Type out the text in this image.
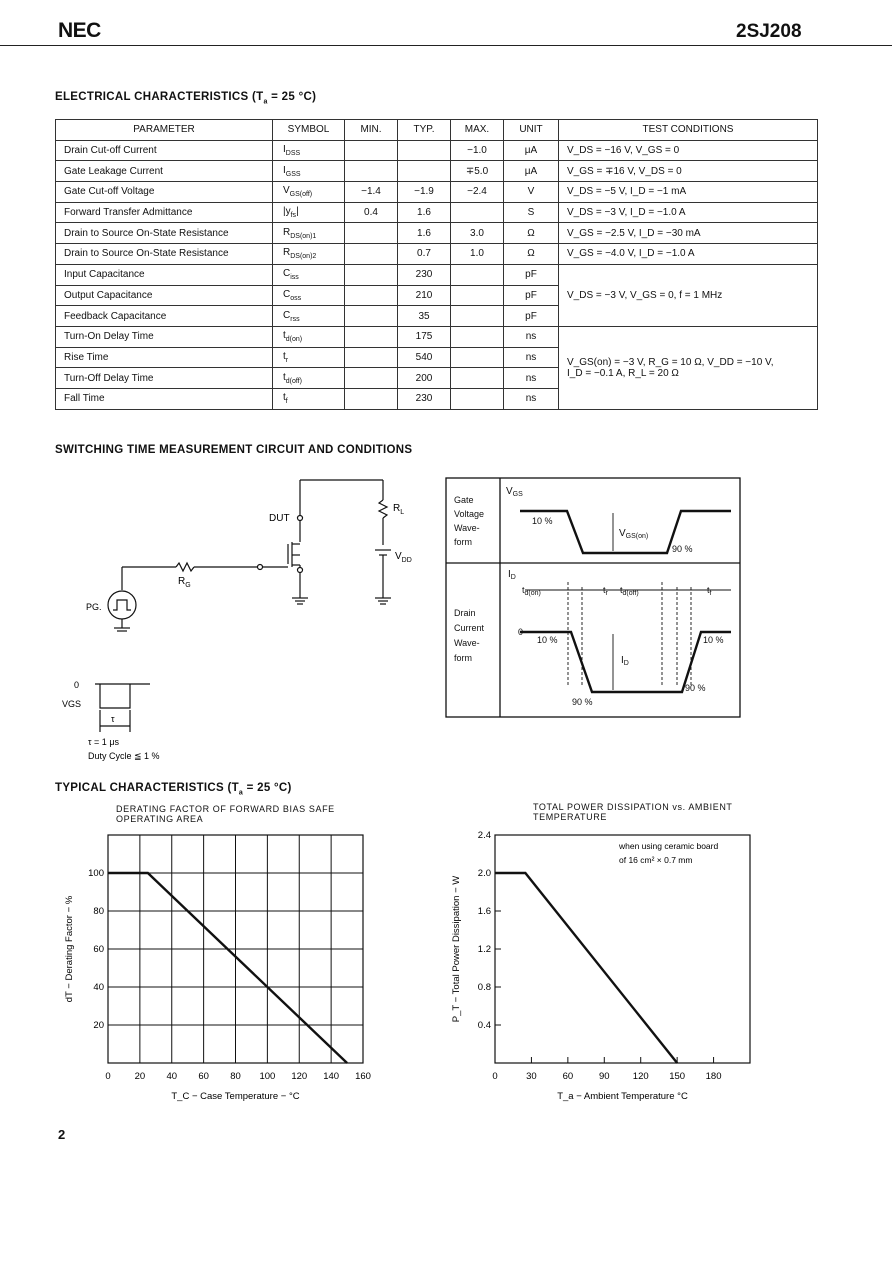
NEC	2SJ208
ELECTRICAL CHARACTERISTICS ($T_a = 25$ °C)
PARAMETER	SYMBOL	MIN.	TYP.	MAX.	UNIT	TEST CONDITIONS
Drain Cut-off Current	$I_{DSS}$			−1.0	μA	V_DS = −16 V, V_GS = 0
Gate Leakage Current	$I_{GSS}$			∓5.0	μA	V_GS = ∓16 V, V_DS = 0
Gate Cut-off Voltage	$V_{GS(off)}$	−1.4	−1.9	−2.4	V	V_DS = −5 V, I_D = −1 mA
Forward Transfer Admittance	$|y_{fs}|$	0.4	1.6		S	V_DS = −3 V, I_D = −1.0 A
Drain to Source On-State Resistance	$R_{DS(on)1}$		1.6	3.0	Ω	V_GS = −2.5 V, I_D = −30 mA
Drain to Source On-State Resistance	$R_{DS(on)2}$		0.7	1.0	Ω	V_GS = −4.0 V, I_D = −1.0 A
Input Capacitance	$C_{iss}$		230		pF	V_DS = −3 V, V_GS = 0, f = 1 MHz

Output Capacitance	$C_{oss}$		210		pF	
Feedback Capacitance	$C_{rss}$		35		pF	
Turn-On Delay Time	$t_{d(on)}$		175		ns	V_GS(on) = −3 V, R_G = 10 Ω, V_DD = −10 V,
I_D = −0.1 A, R_L = 20 Ω

Rise Time	$t_r$		540		ns	
Turn-Off Delay Time	$t_{d(off)}$		200		ns	
Fall Time	$t_f$		230		ns	
SWITCHING TIME MEASUREMENT CIRCUIT AND CONDITIONS
DUT
$R_L$
$V_{DD}$
$R_G$
PG.
0
VGS
τ
τ = 1 μs
Duty Cycle ≦ 1 %
Gate
Voltage
Wave-
form
Drain
Current
Wave-
form
$V_{GS}$
10 %
$V_{GS(on)}$
90 %
$I_D$
$t_{d(on)}$	$t_r$ $t_{d(off)}$	$t_f$
0
10 %	10 %
$I_D$
90 %
90 %
TYPICAL CHARACTERISTICS ($T_a = 25$ °C)
DERATING FACTOR OF FORWARD BIAS SAFE OPERATING AREA
0	20 40 60 80 100 120 140 160
20
40
60
80
100
T_C − Case Temperature − °C
dT − Derating Factor − %
TOTAL POWER DISSIPATION vs. AMBIENT TEMPERATURE
0	30	60	90 120 150 180
0.4
0.8
1.2
1.6
2.0
2.4
T_a − Ambient Temperature °C
P_T − Total Power Dissipation − W
when using ceramic board
of 16 cm² × 0.7 mm
2
